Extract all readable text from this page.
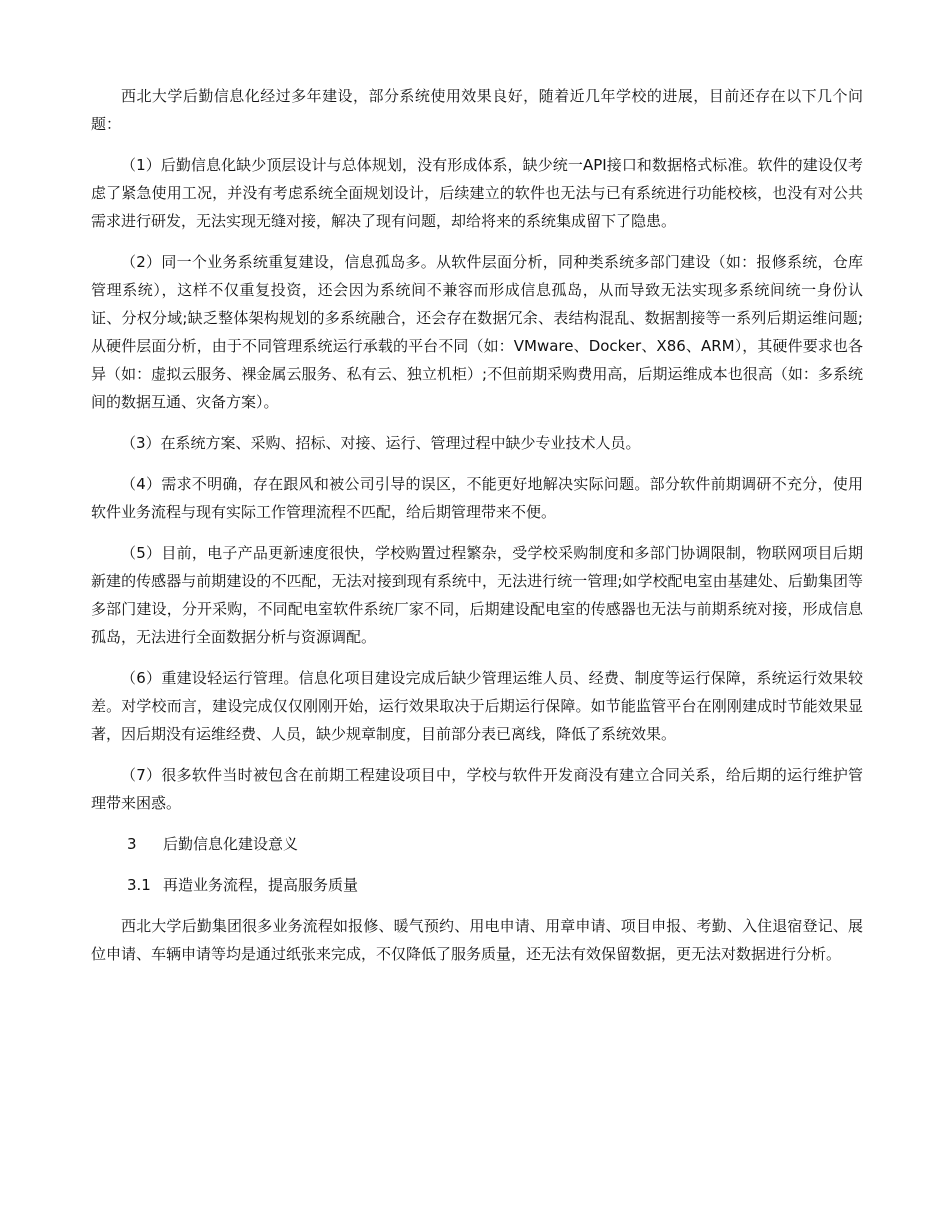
西北大学后勤信息化经过多年建设，部分系统使用效果良好，随着近几年学校的进展，目前还存在以下几个问题：

（1）后勤信息化缺少顶层设计与总体规划，没有形成体系，缺少统一API接口和数据格式标准。软件的建设仅考虑了紧急使用工况，并没有考虑系统全面规划设计，后续建立的软件也无法与已有系统进行功能校核，也没有对公共需求进行研发，无法实现无缝对接，解决了现有问题，却给将来的系统集成留下了隐患。

（2）同一个业务系统重复建设，信息孤岛多。从软件层面分析，同种类系统多部门建设（如：报修系统，仓库管理系统），这样不仅重复投资，还会因为系统间不兼容而形成信息孤岛，从而导致无法实现多系统间统一身份认证、分权分域;缺乏整体架构规划的多系统融合，还会存在数据冗余、表结构混乱、数据割接等一系列后期运维问题;从硬件层面分析，由于不同管理系统运行承载的平台不同（如：VMware、Docker、X86、ARM），其硬件要求也各异（如：虚拟云服务、裸金属云服务、私有云、独立机柜）;不但前期采购费用高，后期运维成本也很高（如：多系统间的数据互通、灾备方案）。

（3）在系统方案、采购、招标、对接、运行、管理过程中缺少专业技术人员。

（4）需求不明确，存在跟风和被公司引导的误区，不能更好地解决实际问题。部分软件前期调研不充分，使用软件业务流程与现有实际工作管理流程不匹配，给后期管理带来不便。

（5）目前，电子产品更新速度很快，学校购置过程繁杂，受学校采购制度和多部门协调限制，物联网项目后期新建的传感器与前期建设的不匹配，无法对接到现有系统中，无法进行统一管理;如学校配电室由基建处、后勤集团等多部门建设，分开采购，不同配电室软件系统厂家不同，后期建设配电室的传感器也无法与前期系统对接，形成信息孤岛，无法进行全面数据分析与资源调配。

（6）重建设轻运行管理。信息化项目建设完成后缺少管理运维人员、经费、制度等运行保障，系统运行效果较差。对学校而言，建设完成仅仅刚刚开始，运行效果取决于后期运行保障。如节能监管平台在刚刚建成时节能效果显著，因后期没有运维经费、人员，缺少规章制度，目前部分表已离线，降低了系统效果。

（7）很多软件当时被包含在前期工程建设项目中，学校与软件开发商没有建立合同关系，给后期的运行维护管理带来困惑。

3 后勤信息化建设意义
3.1 再造业务流程，提高服务质量

西北大学后勤集团很多业务流程如报修、暖气预约、用电申请、用章申请、项目申报、考勤、入住退宿登记、展位申请、车辆申请等均是通过纸张来完成，不仅降低了服务质量，还无法有效保留数据，更无法对数据进行分析。
